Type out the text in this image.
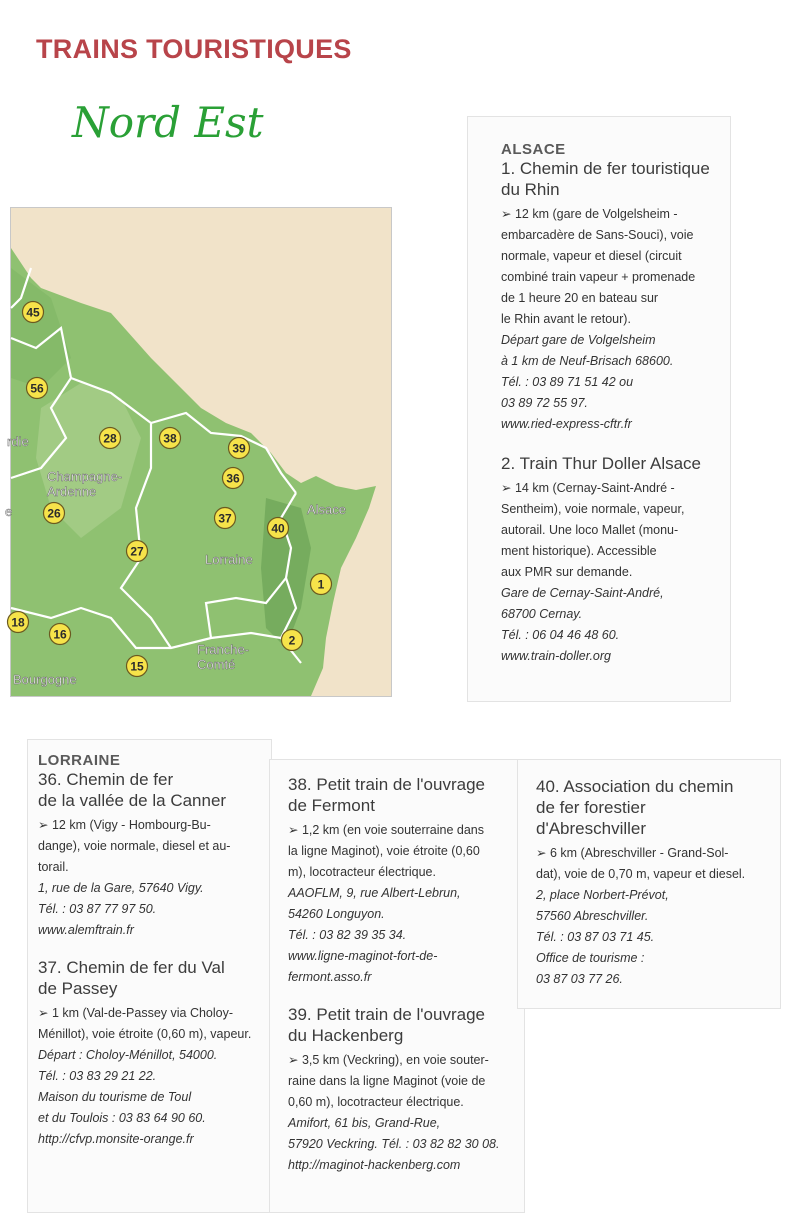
TRAINS TOURISTIQUES
Nord Est
rdie
e
Champagne-Ardenne
Lorraine
Alsace
Franche-Comté
Bourgogne
45
56
28	38
39
36
26	37
40
27
1
2
18
16
15
ALSACE
1. Chemin de fer touristique
du Rhin
➢ 12 km (gare de Volgelsheim -
embarcadère de Sans-Souci), voie
normale, vapeur et diesel (circuit
combiné train vapeur + promenade
de 1 heure 20 en bateau sur
le Rhin avant le retour).
Départ gare de Volgelsheim
à 1 km de Neuf-Brisach 68600.
Tél. : 03 89 71 51 42 ou
03 89 72 55 97.
www.ried-express-cftr.fr
2. Train Thur Doller Alsace
➢ 14 km (Cernay-Saint-André -
Sentheim), voie normale, vapeur,
autorail. Une loco Mallet (monu-
ment historique). Accessible
aux PMR sur demande.
Gare de Cernay-Saint-André,
68700 Cernay.
Tél. : 06 04 46 48 60.
www.train-doller.org
LORRAINE
36. Chemin de fer
de la vallée de la Canner
➢ 12 km (Vigy - Hombourg-Bu-
dange), voie normale, diesel et au-
torail.
1, rue de la Gare, 57640 Vigy.
Tél. : 03 87 77 97 50.
www.alemftrain.fr
37. Chemin de fer du Val
de Passey
➢ 1 km (Val-de-Passey via Choloy-
Ménillot), voie étroite (0,60 m), vapeur.
Départ : Choloy-Ménillot, 54000.
Tél. : 03 83 29 21 22.
Maison du tourisme de Toul
et du Toulois : 03 83 64 90 60.
http://cfvp.monsite-orange.fr
38. Petit train de l'ouvrage
de Fermont
➢ 1,2 km (en voie souterraine dans
la ligne Maginot), voie étroite (0,60
m), locotracteur électrique.
AAOFLM, 9, rue Albert-Lebrun,
54260 Longuyon.
Tél. : 03 82 39 35 34.
www.ligne-maginot-fort-de-
fermont.asso.fr
39. Petit train de l'ouvrage
du Hackenberg
➢ 3,5 km (Veckring), en voie souter-
raine dans la ligne Maginot (voie de
0,60 m), locotracteur électrique.
Amifort, 61 bis, Grand-Rue,
57920 Veckring. Tél. : 03 82 82 30 08.
http://maginot-hackenberg.com
40. Association du chemin
de fer forestier
d'Abreschviller
➢ 6 km (Abreschviller - Grand-Sol-
dat), voie de 0,70 m, vapeur et diesel.
2, place Norbert-Prévot,
57560 Abreschviller.
Tél. : 03 87 03 71 45.
Office de tourisme :
03 87 03 77 26.
